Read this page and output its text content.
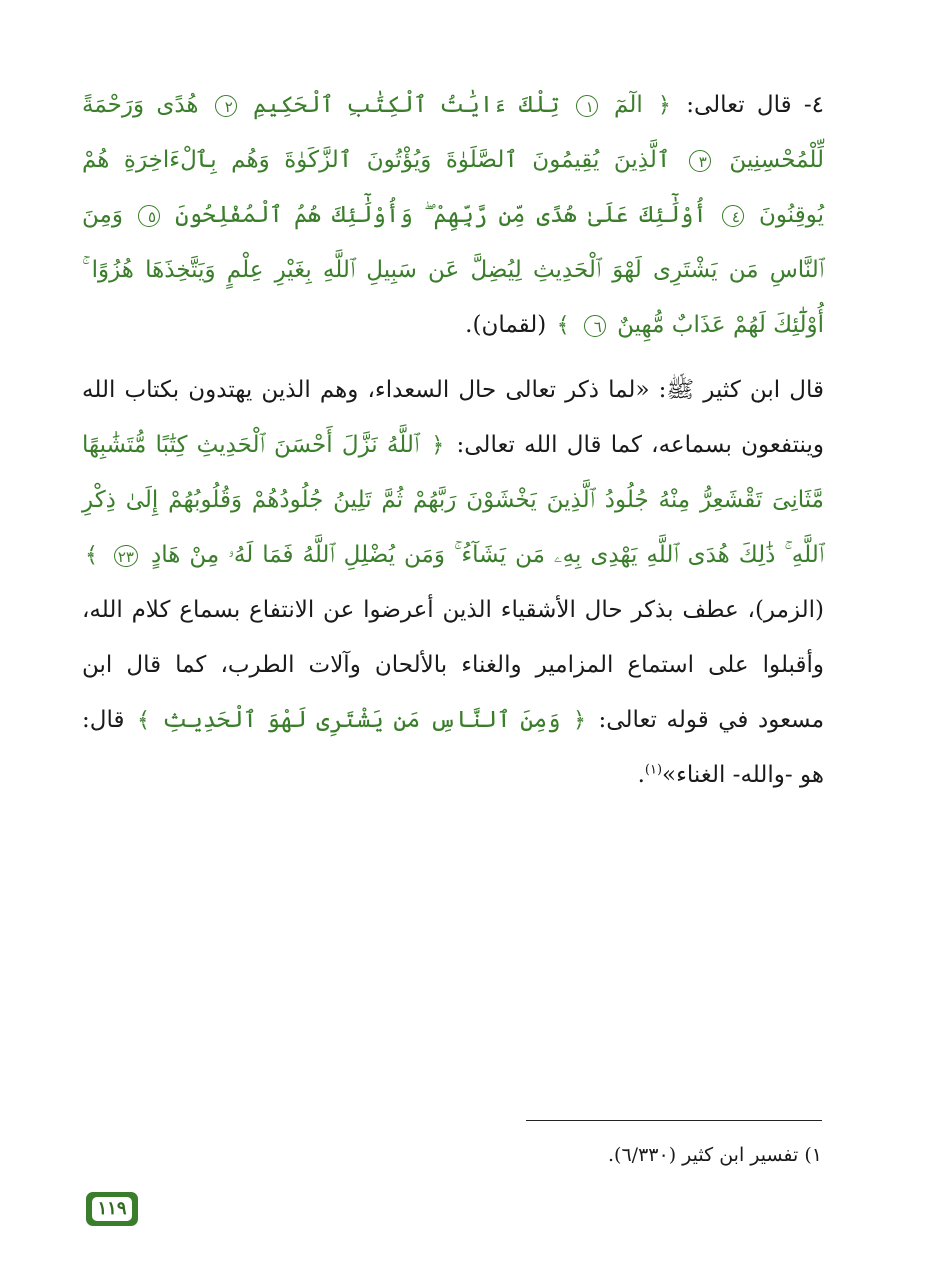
٤- قال تعالى: ﴿ الٓمٓ ١ تِلْكَ ءَايَٰتُ ٱلْكِتَٰبِ ٱلْحَكِيمِ ٢ هُدًى وَرَحْمَةً لِّلْمُحْسِنِينَ ٣ ٱلَّذِينَ يُقِيمُونَ ٱلصَّلَوٰةَ وَيُؤْتُونَ ٱلزَّكَوٰةَ وَهُم بِٱلْءَاخِرَةِ هُمْ يُوقِنُونَ ٤ أُوْلَٰٓئِكَ عَلَىٰ هُدًى مِّن رَّبِّهِمْ ۖ وَأُوْلَٰٓئِكَ هُمُ ٱلْمُفْلِحُونَ ٥ وَمِنَ ٱلنَّاسِ مَن يَشْتَرِى لَهْوَ ٱلْحَدِيثِ لِيُضِلَّ عَن سَبِيلِ ٱللَّهِ بِغَيْرِ عِلْمٍ وَيَتَّخِذَهَا هُزُوًا ۚ أُوْلَٰٓئِكَ لَهُمْ عَذَابٌ مُّهِينٌ ٦ ﴾ (لقمان).

قال ابن كثير ﷺ: «لما ذكر تعالى حال السعداء، وهم الذين يهتدون بكتاب الله وينتفعون بسماعه، كما قال الله تعالى: ﴿ ٱللَّهُ نَزَّلَ أَحْسَنَ ٱلْحَدِيثِ كِتَٰبًا مُّتَشَٰبِهًا مَّثَانِىَ تَقْشَعِرُّ مِنْهُ جُلُودُ ٱلَّذِينَ يَخْشَوْنَ رَبَّهُمْ ثُمَّ تَلِينُ جُلُودُهُمْ وَقُلُوبُهُمْ إِلَىٰ ذِكْرِ ٱللَّهِ ۚ ذَٰلِكَ هُدَى ٱللَّهِ يَهْدِى بِهِۦ مَن يَشَآءُ ۚ وَمَن يُضْلِلِ ٱللَّهُ فَمَا لَهُۥ مِنْ هَادٍ ٢٣ ﴾ (الزمر)، عطف بذكر حال الأشقياء الذين أعرضوا عن الانتفاع بسماع كلام الله، وأقبلوا على استماع المزامير والغناء بالألحان وآلات الطرب، كما قال ابن مسعود في قوله تعالى: ﴿ وَمِنَ ٱلنَّاسِ مَن يَشْتَرِى لَهْوَ ٱلْحَدِيثِ ﴾ قال: هو -والله- الغناء»$^{(١)}$.

١) تفسير ابن كثير (٦/٣٣٠).
١١٩
